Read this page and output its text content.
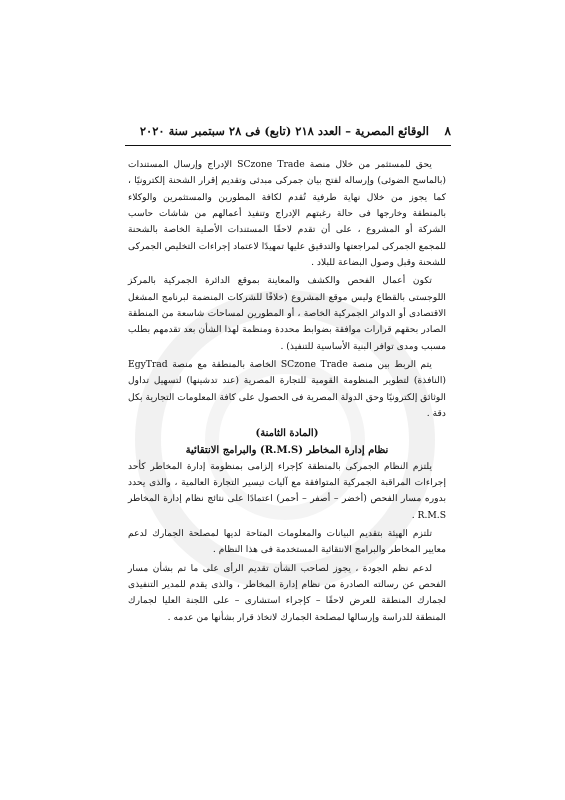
٨
الوقائع المصرية – العدد ٢١٨ (تابع) فى ٢٨ سبتمبر سنة ٢٠٢٠

يحق للمستثمر من خلال منصة SCzone Trade الإدراج وإرسال المستندات (بالماسح الضوئى) وإرساله لفتح بيان جمركى مبدئى وتقديم إقرار الشحنة إلكترونيًا ، كما يجوز من خلال نهاية طرفية تُقدم لكافة المطورين والمستثمرين والوكلاء بالمنطقة وخارجها فى حالة رغبتهم الإدراج وتنفيذ أعمالهم من شاشات حاسب الشركة أو المشروع ، على أن تقدم لاحقًا المستندات الأصلية الخاصة بالشحنة للمجمع الجمركى لمراجعتها والتدقيق عليها تمهيدًا لاعتماد إجراءات التخليص الجمركى للشحنة وقبل وصول البضاعة للبلاد .

تكون أعمال الفحص والكشف والمعاينة بموقع الدائرة الجمركية بالمركز اللوجستى بالقطاع وليس موقع المشروع (خلافًا للشركات المنضمة لبرنامج المشغل الاقتصادى أو الدوائر الجمركية الخاصة ، أو المطورين لمساحات شاسعة من المنطقة الصادر بحقهم قرارات موافقة بضوابط محددة ومنظمة لهذا الشأن بعد تقدمهم بطلب مسبب ومدى توافر البنية الأساسية للتنفيذ) .

يتم الربط بين منصة SCzone Trade الخاصة بالمنطقة مع منصة EgyTrad (النافذة) لتطوير المنظومة القومية للتجارة المصرية (عند تدشينها) لتسهيل تداول الوثائق إلكترونيًا وحق الدولة المصرية فى الحصول على كافة المعلومات التجارية بكل دقة .

(المادة الثامنة)
نظام إدارة المخاطر (R.M.S) والبرامج الانتقائية

يلتزم النظام الجمركى بالمنطقة كإجراء إلزامى بمنظومة إدارة المخاطر كأحد إجراءات المراقبة الجمركية المتوافقة مع آليات تيسير التجارة العالمية ، والذى يحدد بدوره مسار الفحص (أخضر – أصفر – أحمر) اعتمادًا على نتائج نظام إدارة المخاطر R.M.S .

تلتزم الهيئة بتقديم البيانات والمعلومات المتاحة لديها لمصلحة الجمارك لدعم معايير المخاطر والبرامج الانتقائية المستخدمة فى هذا النظام .

لدعم نظم الجودة ، يجوز لصاحب الشأن تقديم الرأى على ما تم بشأن مسار الفحص عن رسالته الصادرة من نظام إدارة المخاطر ، والذى يقدم للمدير التنفيذى لجمارك المنطقة للعرض لاحقًا – كإجراء استشارى – على اللجنة العليا لجمارك المنطقة للدراسة وإرسالها لمصلحة الجمارك لاتخاذ قرار بشأنها من عدمه .
